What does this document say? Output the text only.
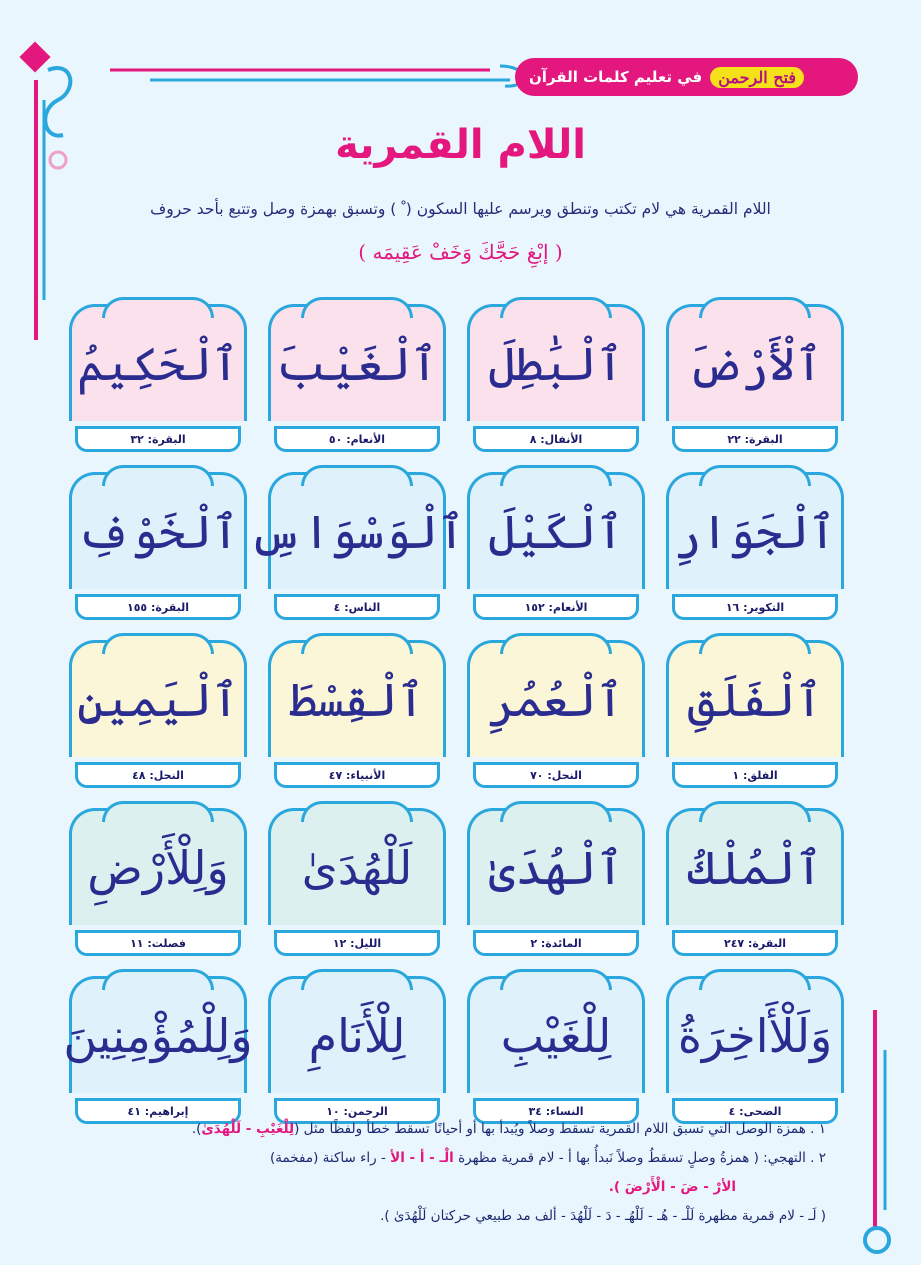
فتح الرحمن
في تعليم كلمات القرآن
اللام القمرية
اللام القمرية هي لام تكتب وتنطق ويرسم عليها السكون ( ْ ) وتسبق بهمزة وصل وتتبع بأحد حروف
( إبْغِ حَجَّكَ وَخَفْ عَقِيمَه )
ٱلْأَرْضَ
البقرة: ٢٢
ٱلْبَٰطِلَ
الأنفال: ٨
ٱلْغَيْبَ
الأنعام: ٥٠
ٱلْحَكِيمُ
البقرة: ٣٢
ٱلْجَوَارِ
التكوير: ١٦
ٱلْكَيْلَ
الأنعام: ١٥٢
ٱلْوَسْوَاسِ
الناس: ٤
ٱلْخَوْفِ
البقرة: ١٥٥
ٱلْفَلَقِ
الفلق: ١
ٱلْعُمُرِ
النحل: ٧٠
ٱلْقِسْطَ
الأنبياء: ٤٧
ٱلْيَمِينِ
النحل: ٤٨
ٱلْمُلْكُ
البقرة: ٢٤٧
ٱلْهُدَىٰ
المائدة: ٢
لَلْهُدَىٰ
الليل: ١٢
وَلِلْأَرْضِ
فصلت: ١١
وَلَلْأَاخِرَةُ
الضحى: ٤
لِلْغَيْبِ
النساء: ٣٤
لِلْأَنَامِ
الرحمن: ١٠
وَلِلْمُؤْمِنِينَ
إبراهيم: ٤١
١ . همزة الوصل التي تسبق اللام القمرية تسقط وصلاً ويُبدأ بها أو أحيانًا تسقط خطأ ولفظًا مثل (لِلْغَيْبِ - لَلْهُدَىٰ).
٢ . التهجي: ( همزةُ وصلٍ تسقطُ وصلاً نَبدأُ بها أ - لام قمرية مظهرة الْـ - أ - الأ - راء ساكنة (مفخمة)
الأرْ - ضَ - الْأَرْضَ ).
( لَـ - لام قمرية مظهرة لَلْـ - هُـ - لَلْهُـ - دَ - لَلْهُدَ - ألف مد طبيعي حركتان لَلْهُدَىٰ ).
